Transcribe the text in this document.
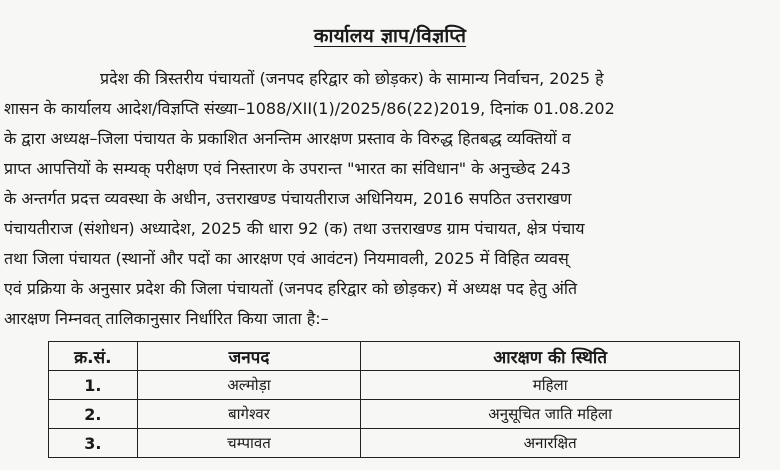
कार्यालय ज्ञाप/विज्ञप्ति
प्रदेश की त्रिस्तरीय पंचायतों (जनपद हरिद्वार को छोड़कर) के सामान्य निर्वाचन, 2025 हे
शासन के कार्यालय आदेश/विज्ञप्ति संख्या–1088/XII(1)/2025/86(22)2019, दिनांक 01.08.202
के द्वारा अध्यक्ष–जिला पंचायत के प्रकाशित अनन्तिम आरक्षण प्रस्ताव के विरुद्ध हितबद्ध व्यक्तियों व
प्राप्त आपत्तियों के सम्यक् परीक्षण एवं निस्तारण के उपरान्त "भारत का संविधान" के अनुच्छेद 243
के अन्तर्गत प्रदत्त व्यवस्था के अधीन, उत्तराखण्ड पंचायतीराज अधिनियम, 2016 सपठित उत्तराखण
पंचायतीराज (संशोधन) अध्यादेश, 2025 की धारा 92 (क) तथा उत्तराखण्ड ग्राम पंचायत, क्षेत्र पंचाय
तथा जिला पंचायत (स्थानों और पदों का आरक्षण एवं आवंटन) नियमावली, 2025 में विहित व्यवस्
एवं प्रक्रिया के अनुसार प्रदेश की जिला पंचायतों (जनपद हरिद्वार को छोड़कर) में अध्यक्ष पद हेतु अंति
आरक्षण निम्नवत् तालिकानुसार निर्धारित किया जाता है:–
क्र.सं.	जनपद	आरक्षण की स्थिति
1.	अल्मोड़ा	महिला
2.	बागेश्वर	अनुसूचित जाति महिला
3.	चम्पावत	अनारक्षित
